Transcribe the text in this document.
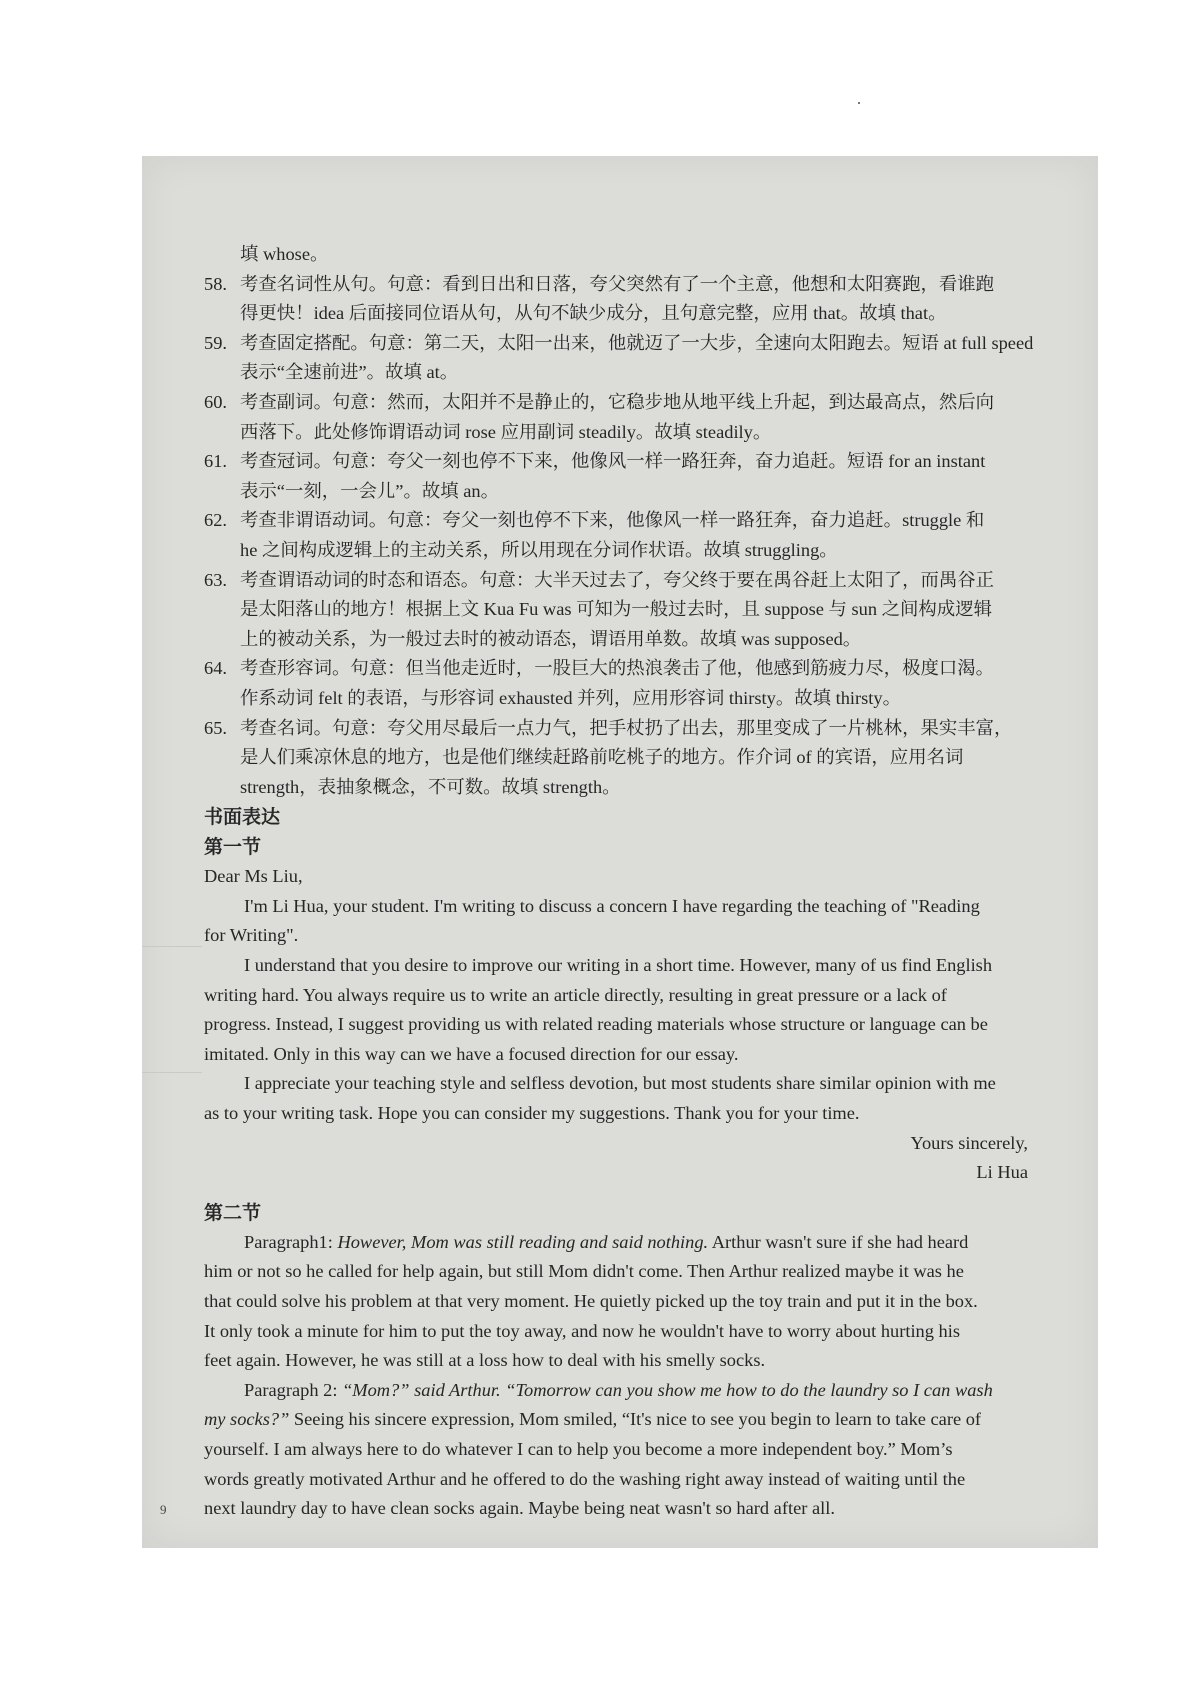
填 whose。
58. 考查名词性从句。句意：看到日出和日落，夸父突然有了一个主意，他想和太阳赛跑，看谁跑
得更快！idea 后面接同位语从句，从句不缺少成分，且句意完整，应用 that。故填 that。
59. 考查固定搭配。句意：第二天，太阳一出来，他就迈了一大步，全速向太阳跑去。短语 at full speed
表示“全速前进”。故填 at。
60. 考查副词。句意：然而，太阳并不是静止的，它稳步地从地平线上升起，到达最高点，然后向
西落下。此处修饰谓语动词 rose 应用副词 steadily。故填 steadily。
61. 考查冠词。句意：夸父一刻也停不下来，他像风一样一路狂奔，奋力追赶。短语 for an instant
表示“一刻，一会儿”。故填 an。
62. 考查非谓语动词。句意：夸父一刻也停不下来，他像风一样一路狂奔，奋力追赶。struggle 和
he 之间构成逻辑上的主动关系，所以用现在分词作状语。故填 struggling。
63. 考查谓语动词的时态和语态。句意：大半天过去了，夸父终于要在禺谷赶上太阳了，而禺谷正
是太阳落山的地方！根据上文 Kua Fu was 可知为一般过去时，且 suppose 与 sun 之间构成逻辑
上的被动关系，为一般过去时的被动语态，谓语用单数。故填 was supposed。
64. 考查形容词。句意：但当他走近时，一股巨大的热浪袭击了他，他感到筋疲力尽，极度口渴。
作系动词 felt 的表语，与形容词 exhausted 并列，应用形容词 thirsty。故填 thirsty。
65. 考查名词。句意：夸父用尽最后一点力气，把手杖扔了出去，那里变成了一片桃林，果实丰富，
是人们乘凉休息的地方，也是他们继续赶路前吃桃子的地方。作介词 of 的宾语，应用名词
strength，表抽象概念，不可数。故填 strength。
书面表达
第一节
Dear Ms Liu,
I'm Li Hua, your student. I'm writing to discuss a concern I have regarding the teaching of "Reading
for Writing".
I understand that you desire to improve our writing in a short time. However, many of us find English
writing hard. You always require us to write an article directly, resulting in great pressure or a lack of
progress. Instead, I suggest providing us with related reading materials whose structure or language can be
imitated. Only in this way can we have a focused direction for our essay.
I appreciate your teaching style and selfless devotion, but most students share similar opinion with me
as to your writing task. Hope you can consider my suggestions. Thank you for your time.
Yours sincerely,
Li Hua
第二节
Paragraph1: However, Mom was still reading and said nothing. Arthur wasn't sure if she had heard
him or not so he called for help again, but still Mom didn't come. Then Arthur realized maybe it was he
that could solve his problem at that very moment. He quietly picked up the toy train and put it in the box.
It only took a minute for him to put the toy away, and now he wouldn't have to worry about hurting his
feet again. However, he was still at a loss how to deal with his smelly socks.
Paragraph 2: “Mom?” said Arthur. “Tomorrow can you show me how to do the laundry so I can wash
my socks?” Seeing his sincere expression, Mom smiled, “It's nice to see you begin to learn to take care of
yourself. I am always here to do whatever I can to help you become a more independent boy.” Mom’s
words greatly motivated Arthur and he offered to do the washing right away instead of waiting until the
next laundry day to have clean socks again. Maybe being neat wasn't so hard after all.
9
